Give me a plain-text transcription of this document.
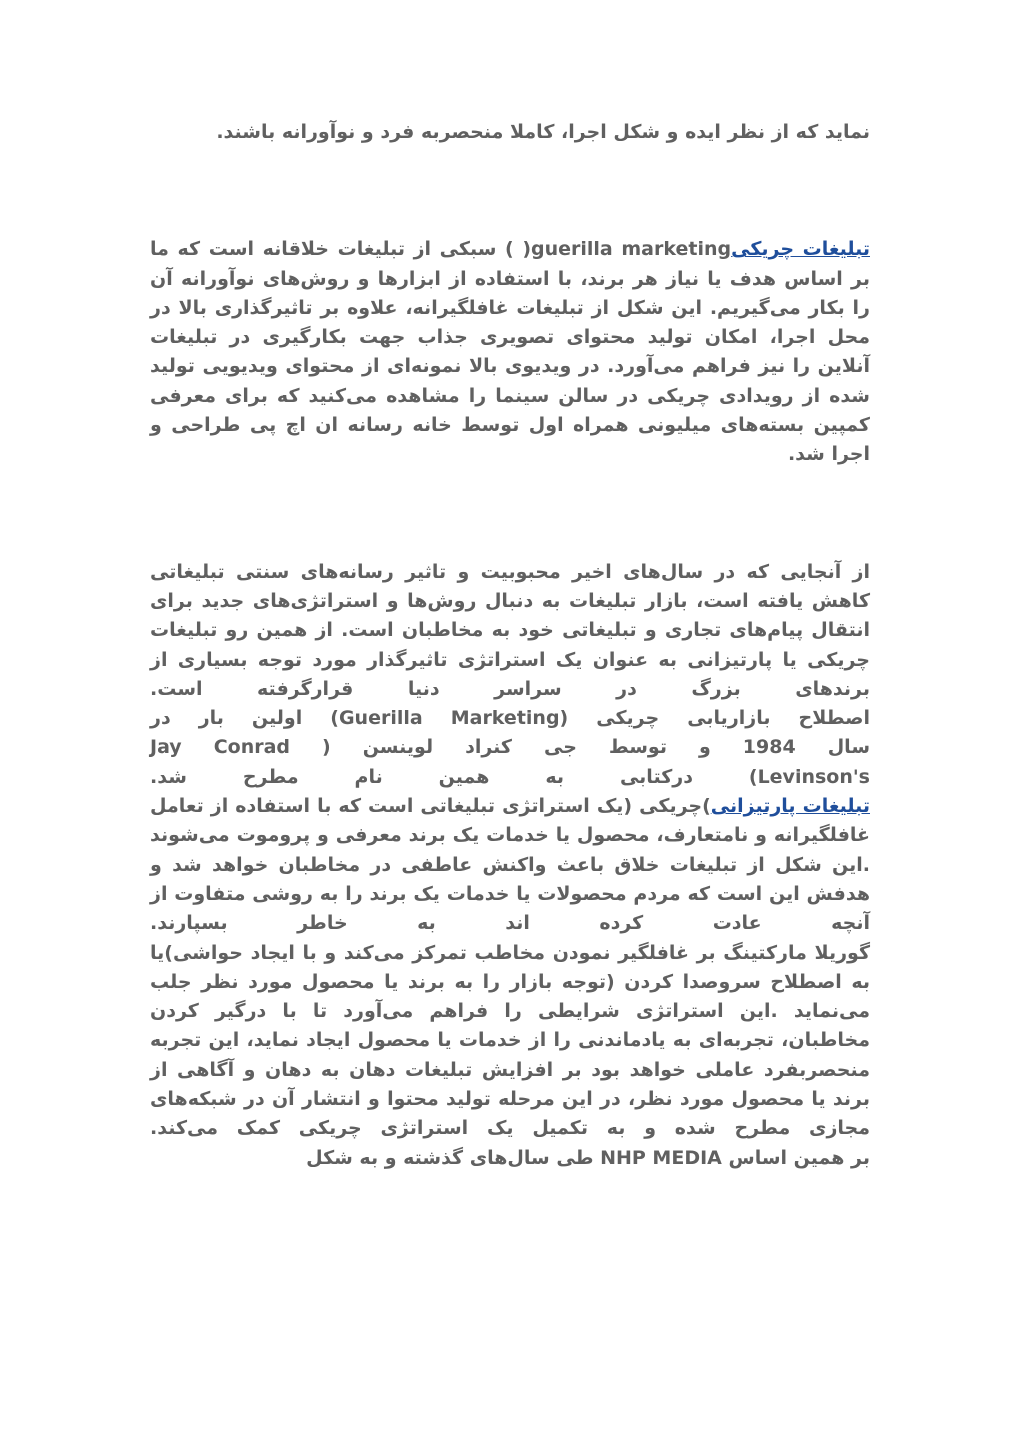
نماید که از نظر ایده و شکل اجرا، کاملا منحصربه فرد و نوآورانه باشند.

تبلیغات چریکیguerilla marketing( ) سبکی از تبلیغات خلاقانه است که ما بر اساس هدف یا نیاز هر برند، با استفاده از ابزارها و روش‌های نوآورانه آن را بکار می‌گیریم. این شکل از تبلیغات غافلگیرانه، علاوه بر تاثیرگذاری بالا در محل اجرا، امکان تولید محتوای تصویری جذاب جهت بکارگیری در تبلیغات آنلاین را نیز فراهم می‌آورد. در ویدیوی بالا نمونه‌ای از محتوای ویدیویی تولید شده از رویدادی چریکی در سالن سینما را مشاهده می‌کنید که برای معرفی کمپین بسته‌های میلیونی همراه اول توسط خانه رسانه ان اچ پی طراحی و اجرا شد.

از آنجایی که در سال‌های اخیر محبوبیت و تاثیر رسانه‌های سنتی تبلیغاتی کاهش یافته است، بازار تبلیغات به دنبال روش‌ها و استراتژی‌های جدید برای انتقال پیام‌های تجاری و تبلیغاتی خود به مخاطبان است. از همین رو تبلیغات چریکی یا پارتیزانی به عنوان یک استراتژی تاثیرگذار مورد توجه بسیاری از برندهای بزرگ در سراسر دنیا قرارگرفته است.
اصطلاح بازاریابی چریکی (Guerilla Marketing) اولین بار در
سال 1984 و توسط جی کنراد لوینسن ( Jay Conrad
Levinson's) درکتابی به همین نام مطرح شد.
تبلیغات پارتیزانی)چریکی (یک استراتژی تبلیغاتی است که با استفاده از تعامل غافلگیرانه و نامتعارف، محصول یا خدمات یک برند معرفی و پروموت می‌شوند .این شکل از تبلیغات خلاق باعث واکنش عاطفی در مخاطبان خواهد شد و هدفش این است که مردم محصولات یا خدمات یک برند را به روشی متفاوت از آنچه عادت کرده اند به خاطر بسپارند.
گوریلا مارکتینگ بر غافلگیر نمودن مخاطب تمرکز می‌کند و با ایجاد حواشی)یا به اصطلاح سروصدا کردن (توجه بازار را به برند یا محصول مورد نظر جلب می‌نماید .این استراتژی شرایطی را فراهم می‌آورد تا با درگیر کردن مخاطبان، تجربه‌ای به یادماندنی را از خدمات یا محصول ایجاد نماید، این تجربه منحصربفرد عاملی خواهد بود بر افزایش تبلیغات دهان به دهان و آگاهی از برند یا محصول مورد نظر، در این مرحله تولید محتوا و انتشار آن در شبکه‌های مجازی مطرح شده و به تکمیل یک استراتژی چریکی کمک می‌کند.
بر همین اساس NHP MEDIA طی سال‌های گذشته و به شکل
